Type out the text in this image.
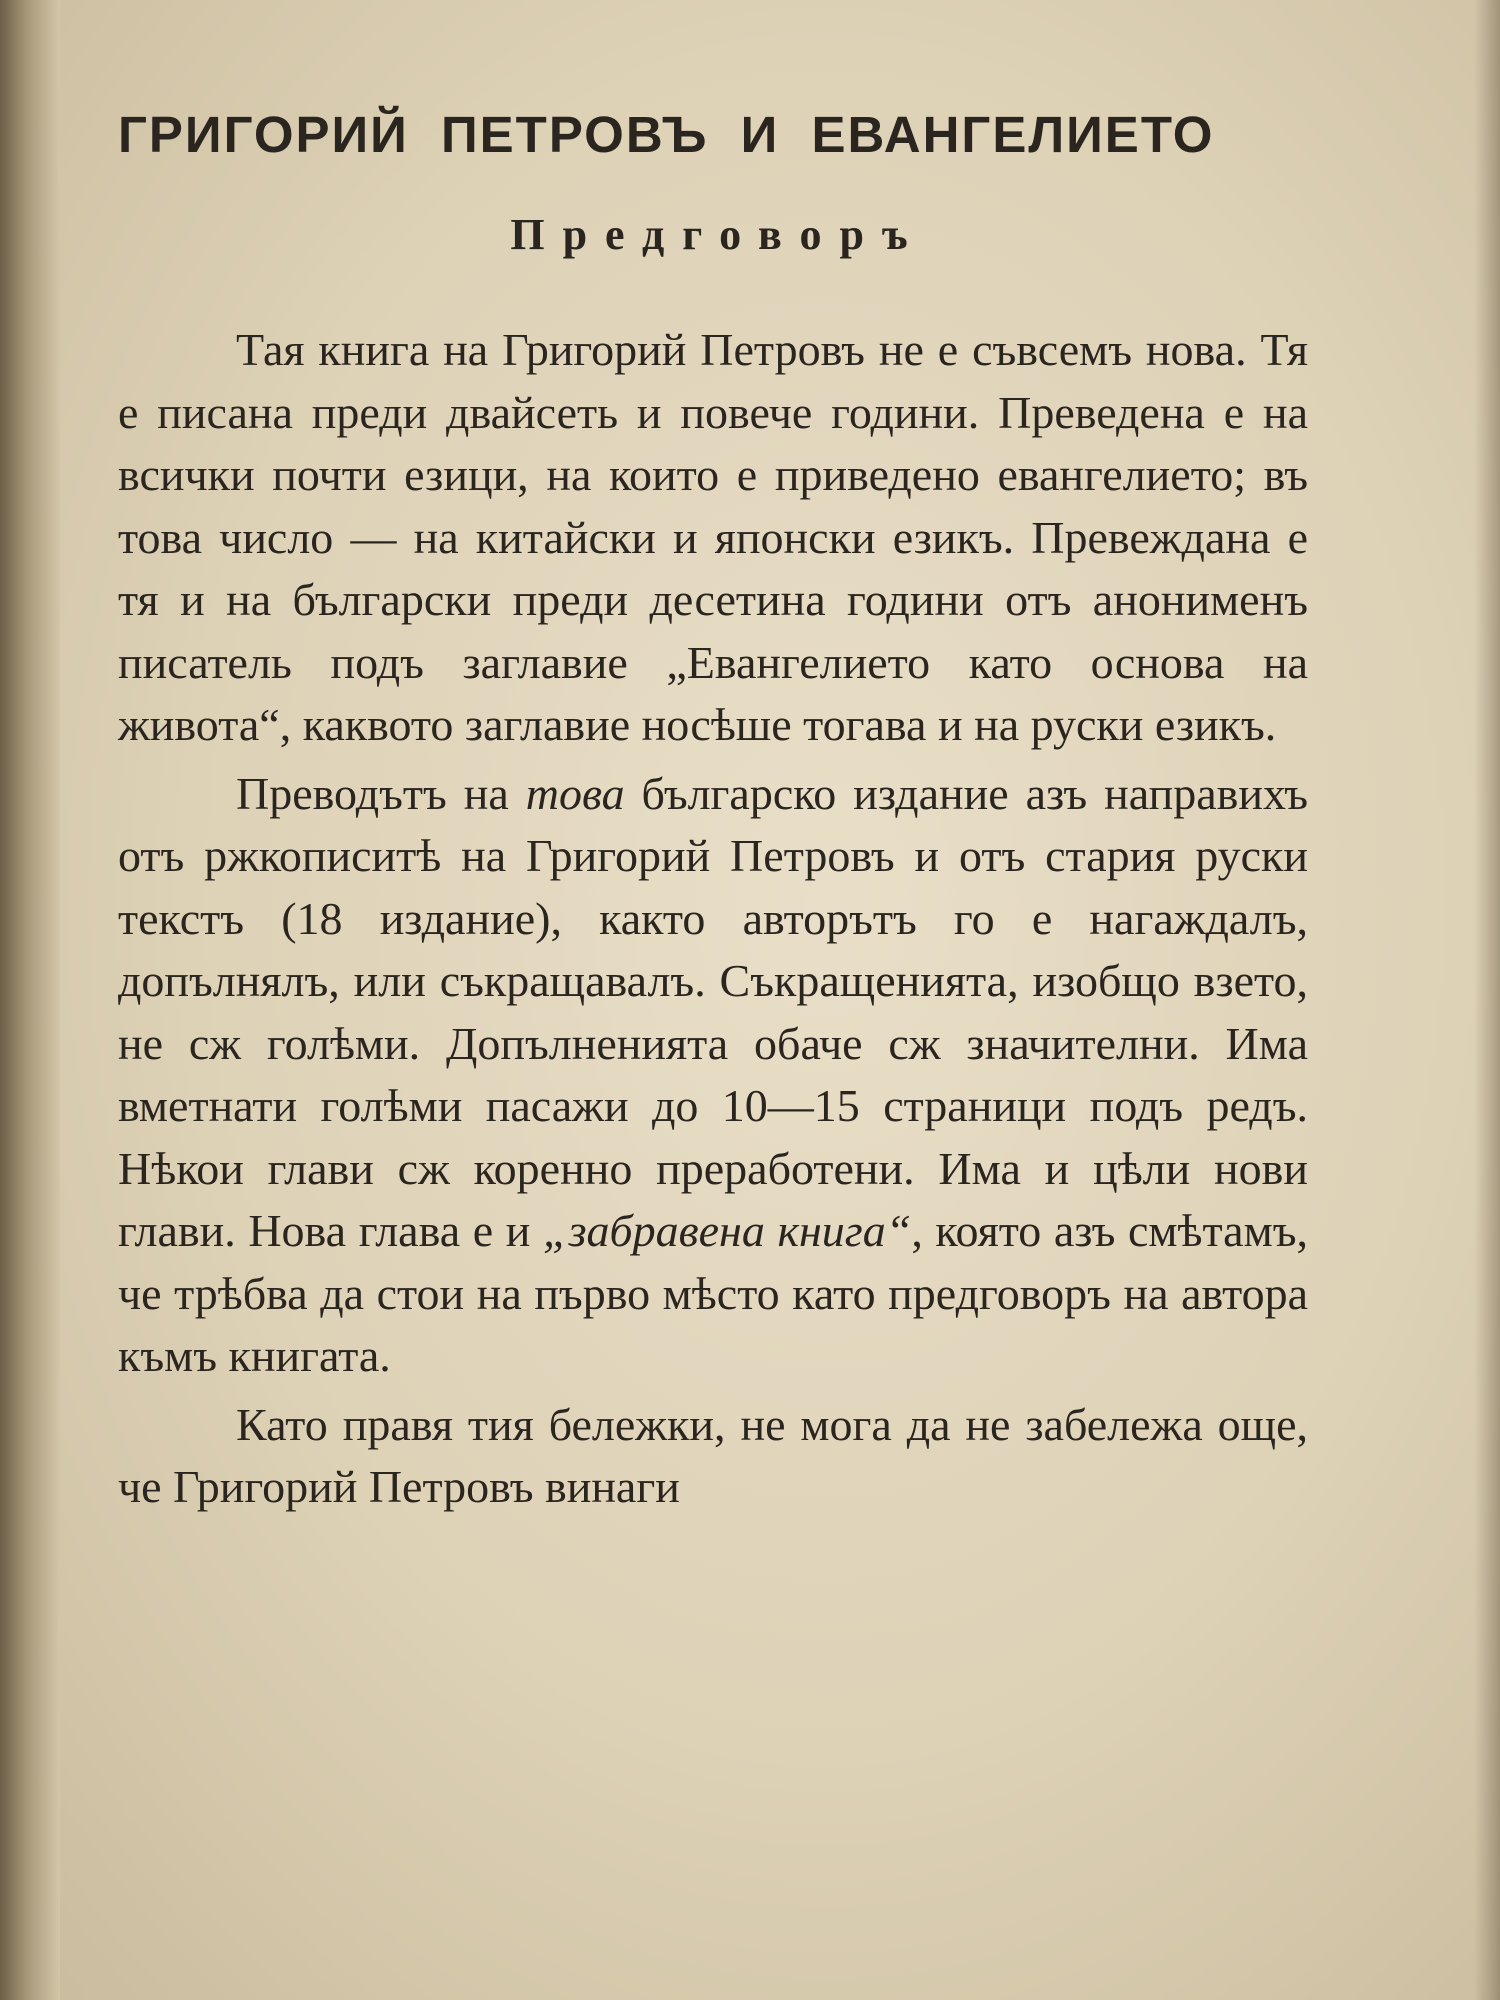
ГРИГОРИЙ ПЕТРОВЪ И ЕВАНГЕЛИЕТО
Предговоръ

Тая книга на Григорий Петровъ не е съвсемъ нова. Тя е писана преди двайсеть и повече години. Преведена е на всички почти езици, на които е приведено евангелието; въ това число — на китайски и японски езикъ. Превеждана е тя и на български преди десетина години отъ анонименъ писатель подъ заглавие „Евангелието като основа на живота“, каквото заглавие носѣше тогава и на руски езикъ.

Преводътъ на това българско издание азъ направихъ отъ ржкописитѣ на Григорий Петровъ и отъ стария руски текстъ (18 издание), както авторътъ го е нагаждалъ, допълнялъ, или съкращавалъ. Съкращенията, изобщо взето, не сж голѣми. Допълненията обаче сж значителни. Има вметнати голѣми пасажи до 10—15 страници подъ редъ. Нѣкои глави сж коренно преработени. Има и цѣли нови глави. Нова глава е и „забравена книга“, която азъ смѣтамъ, че трѣбва да стои на първо мѣсто като предговоръ на автора къмъ книгата.

Като правя тия бележки, не мога да не забележа още, че Григорий Петровъ винаги
